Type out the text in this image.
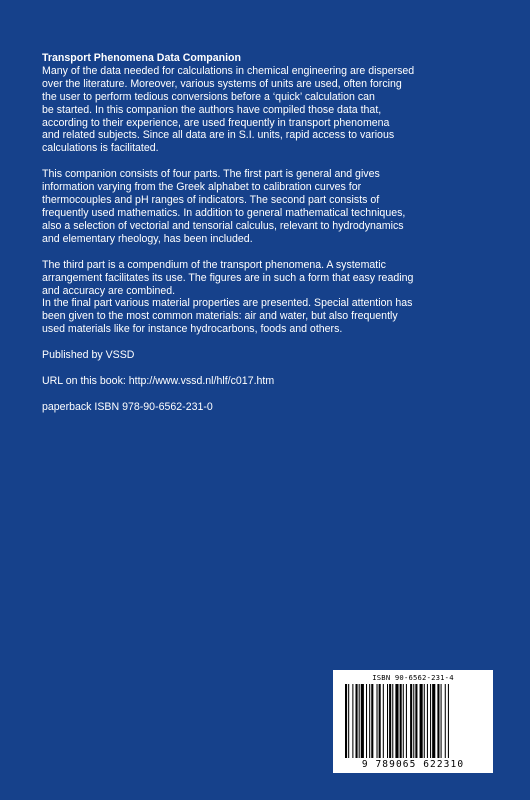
Transport Phenomena Data Companion

Many of the data needed for calculations in chemical engineering are dispersed
over the literature. Moreover, various systems of units are used, often forcing
the user to perform tedious conversions before a ‘quick’ calculation can
be started. In this companion the authors have compiled those data that,
according to their experience, are used frequently in transport phenomena
and related subjects. Since all data are in S.I. units, rapid access to various
calculations is facilitated.

This companion consists of four parts. The first part is general and gives
information varying from the Greek alphabet to calibration curves for
thermocouples and pH ranges of indicators. The second part consists of
frequently used mathematics. In addition to general mathematical techniques,
also a selection of vectorial and tensorial calculus, relevant to hydrodynamics
and elementary rheology, has been included.

The third part is a compendium of the transport phenomena. A systematic
arrangement facilitates its use. The figures are in such a form that easy reading
and accuracy are combined.

In the final part various material properties are presented. Special attention has
been given to the most common materials: air and water, but also frequently
used materials like for instance hydrocarbons, foods and others.

Published by VSSD

URL on this book: http://www.vssd.nl/hlf/c017.htm

paperback ISBN 978-90-6562-231-0

ISBN 90-6562-231-4
9 789065 622310
